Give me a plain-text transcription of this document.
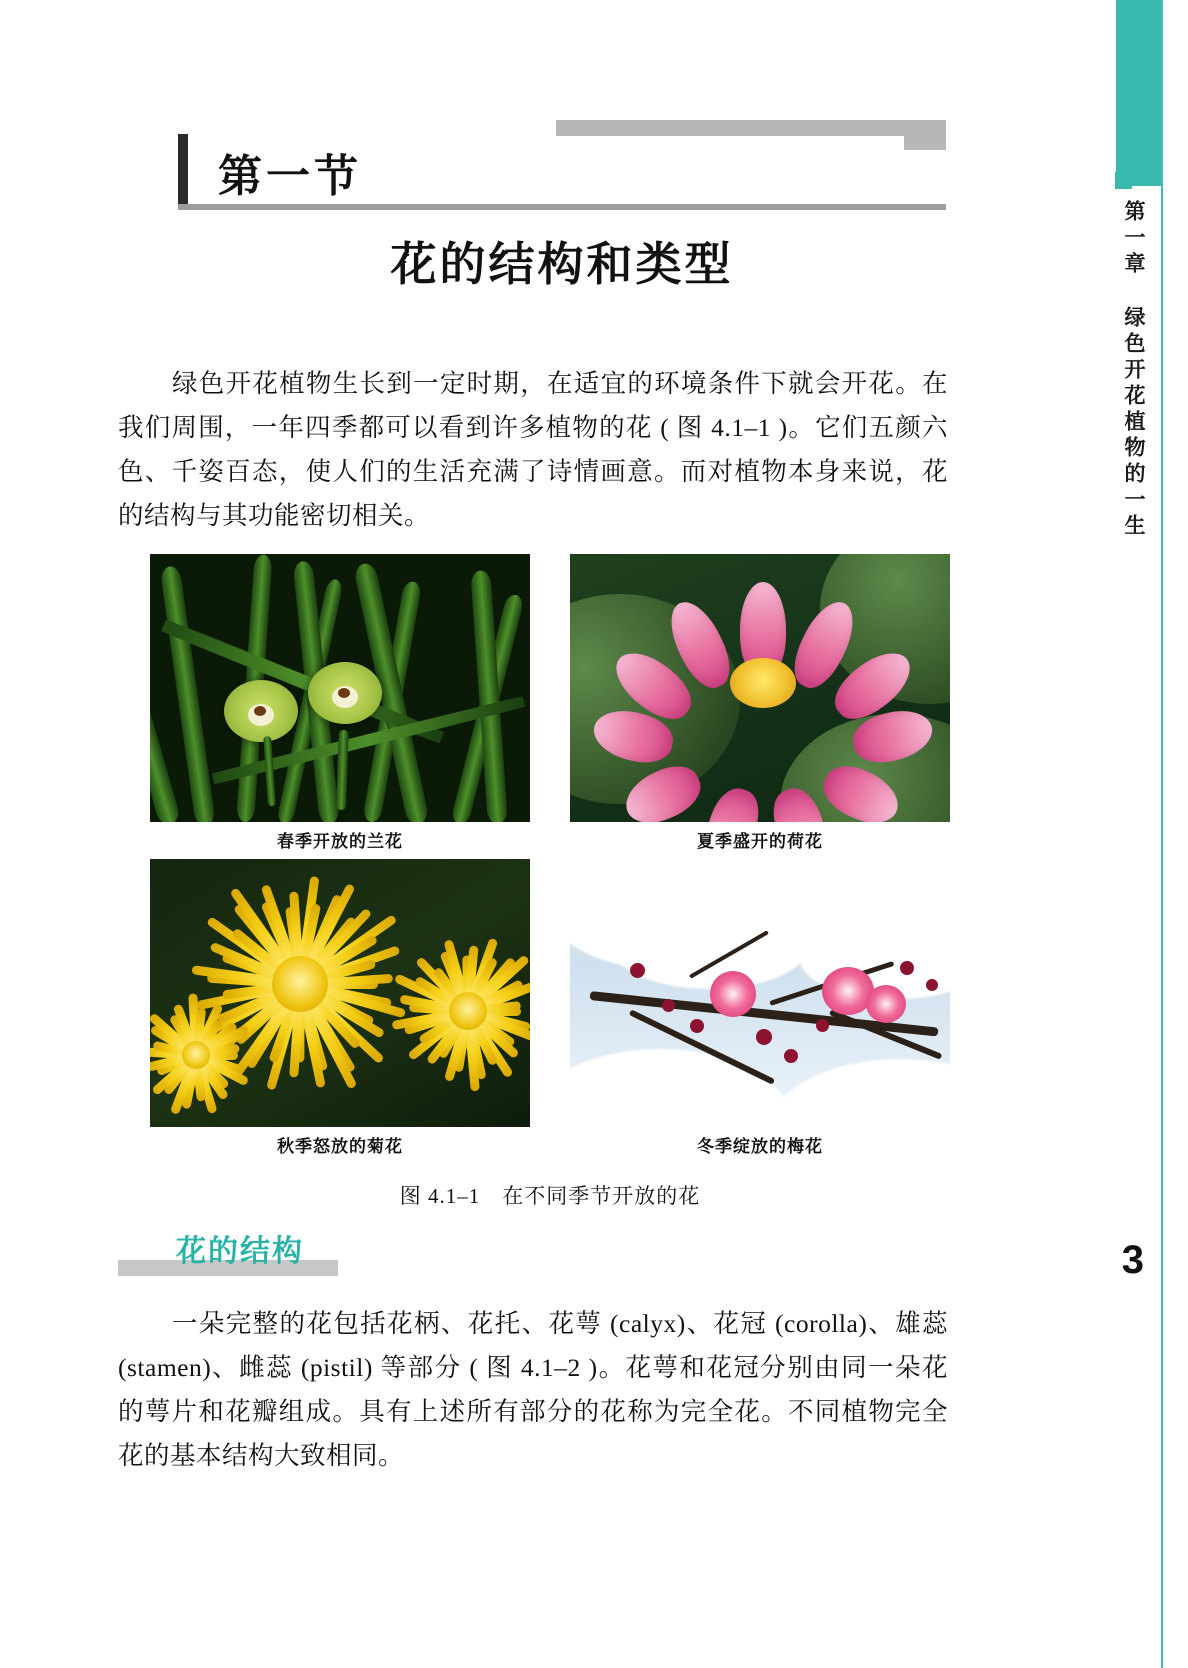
第一章 绿色开花植物的一生
3
第一节
花的结构和类型
绿色开花植物生长到一定时期，在适宜的环境条件下就会开花。在我们周围，一年四季都可以看到许多植物的花 ( 图 4.1–1 )。它们五颜六色、千姿百态，使人们的生活充满了诗情画意。而对植物本身来说，花的结构与其功能密切相关。
春季开放的兰花	夏季盛开的荷花
秋季怒放的菊花	冬季绽放的梅花
图 4.1–1　在不同季节开放的花
花的结构
一朵完整的花包括花柄、花托、花萼 (calyx)、花冠 (corolla)、雄蕊 (stamen)、雌蕊 (pistil) 等部分 ( 图 4.1–2 )。花萼和花冠分别由同一朵花的萼片和花瓣组成。具有上述所有部分的花称为完全花。不同植物完全花的基本结构大致相同。
